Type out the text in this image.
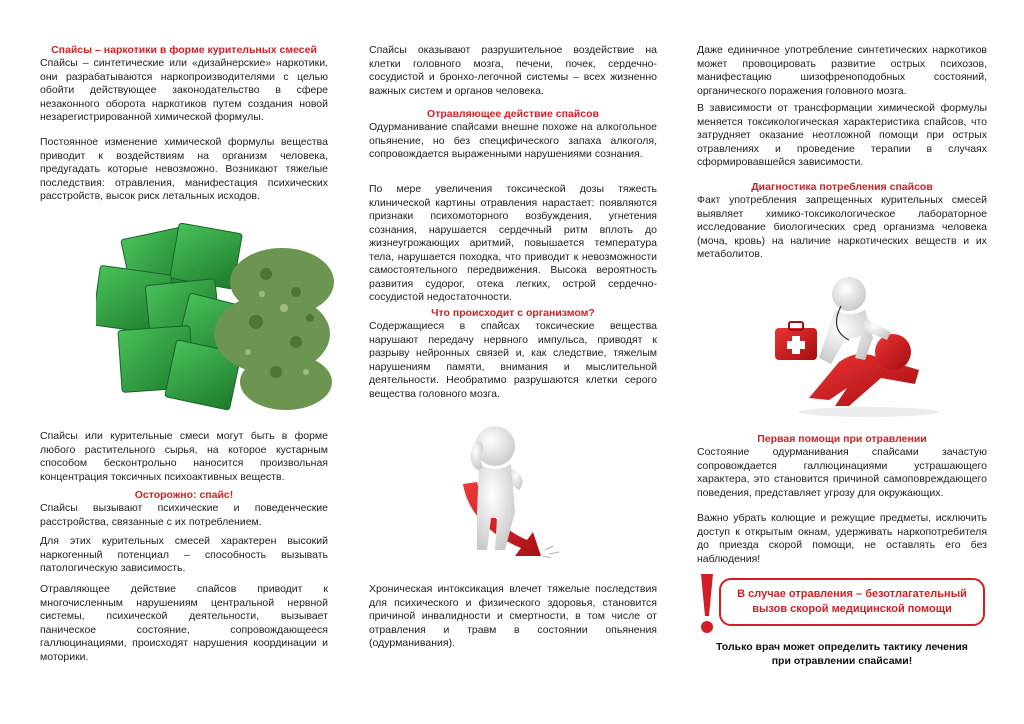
Спайсы – наркотики в форме курительных смесей

Спайсы – синтетические или «дизайнерские» наркотики, они разрабатываются наркопроизводителями с целью обойти действующее законодательство в сфере незаконного оборота наркотиков путем создания новой незарегистрированной химической формулы.

Постоянное изменение химической формулы вещества приводит к воздействиям на организм человека, предугадать которые невозможно. Возникают тяжелые последствия: отравления, манифестация психических расстройств, высок риск летальных исходов.

Спайсы или курительные смеси могут быть в форме любого растительного сырья, на которое кустарным способом бесконтрольно наносится произвольная концентрация токсичных психоактивных веществ.

Осторожно: спайс!

Спайсы вызывают психические и поведенческие расстройства, связанные с их потреблением.

Для этих курительных смесей характерен высокий наркогенный потенциал – способность вызывать патологическую зависимость.

Отравляющее действие спайсов приводит к многочисленным нарушениям центральной нервной системы, психической деятельности, вызывает паническое состояние, сопровождающееся галлюцинациями, происходят нарушения координации и моторики.

Спайсы оказывают разрушительное воздействие на клетки головного мозга, печени, почек, сердечно-сосудистой и бронхо-легочной системы – всех жизненно важных систем и органов человека.

Отравляющее действие спайсов

Одурманивание спайсами внешне похоже на алкогольное опьянение, но без специфического запаха алкоголя, сопровождается выраженными нарушениями сознания.

По мере увеличения токсической дозы тяжесть клинической картины отравления нарастает: появляются признаки психомоторного возбуждения, угнетения сознания, нарушается сердечный ритм вплоть до жизнеугрожающих аритмий, повышается температура тела, нарушается походка, что приводит к невозможности самостоятельного передвижения. Высока вероятность развития судорог, отека легких, острой сердечно-сосудистой недостаточности.

Что происходит с организмом?

Содержащиеся в спайсах токсические вещества нарушают передачу нервного импульса, приводят к разрыву нейронных связей и, как следствие, тяжелым нарушениям памяти, внимания и мыслительной деятельности. Необратимо разрушаются клетки серого вещества головного мозга.

Хроническая интоксикация влечет тяжелые последствия для психического и физического здоровья, становится причиной инвалидности и смертности, в том числе от отравления и травм в состоянии опьянения (одурманивания).

Даже единичное употребление синтетических наркотиков может провоцировать развитие острых психозов, манифестацию шизофреноподобных состояний, органического поражения головного мозга.

В зависимости от трансформации химической формулы меняется токсикологическая характеристика спайсов, что затрудняет оказание неотложной помощи при острых отравлениях и проведение терапии в случаях сформировавшейся зависимости.

Диагностика потребления спайсов

Факт употребления запрещенных курительных смесей выявляет химико-токсикологическое лабораторное исследование биологических сред организма человека (моча, кровь) на наличие наркотических веществ и их метаболитов.

Первая помощи при отравлении

Состояние одурманивания спайсами зачастую сопровождается галлюцинациями устрашающего характера, это становится причиной самоповреждающего поведения, представляет угрозу для окружающих.

Важно убрать колющие и режущие предметы, исключить доступ к открытым окнам, удерживать наркопотребителя до приезда скорой помощи, не оставлять его без наблюдения!

В случае отравления – безотлагательный
вызов скорой медицинской помощи
Только врач может определить тактику лечения
при отравлении спайсами!
